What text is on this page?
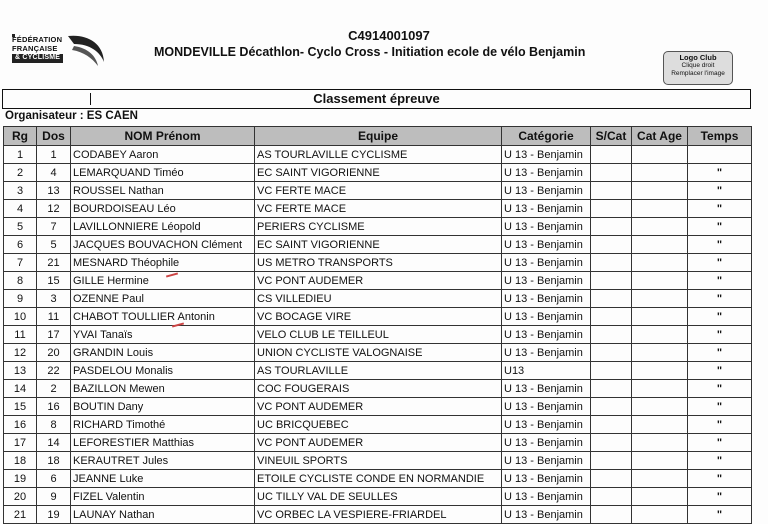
FÉDÉRATION
FRANÇAISE
& CYCLISME
C4914001097
MONDEVILLE Décathlon- Cyclo Cross - Initiation ecole de vélo Benjamin	Logo Club
Clique droit
Remplacer l'image
Classement épreuve
Organisateur : ES CAEN
Rg	Dos	NOM Prénom	Equipe	Catégorie	S/Cat	Cat Age	Temps
1	1	CODABEY Aaron	AS TOURLAVILLE CYCLISME	U 13 - Benjamin			
2	4	LEMARQUAND Timéo	EC SAINT VIGORIENNE	U 13 - Benjamin			"
3	13	ROUSSEL Nathan	VC FERTE MACE	U 13 - Benjamin			"
4	12	BOURDOISEAU Léo	VC FERTE MACE	U 13 - Benjamin			"
5	7	LAVILLONNIERE Léopold	PERIERS CYCLISME	U 13 - Benjamin			"
6	5	JACQUES BOUVACHON Clément	EC SAINT VIGORIENNE	U 13 - Benjamin			"
7	21	MESNARD Théophile	US METRO TRANSPORTS	U 13 - Benjamin			"
8	15	GILLE Hermine	VC PONT AUDEMER	U 13 - Benjamin			"
9	3	OZENNE Paul	CS VILLEDIEU	U 13 - Benjamin			"
10	11	CHABOT TOULLIER Antonin	VC BOCAGE VIRE	U 13 - Benjamin			"
11	17	YVAI Tanaïs	VELO CLUB LE TEILLEUL	U 13 - Benjamin			"
12	20	GRANDIN Louis	UNION CYCLISTE VALOGNAISE	U 13 - Benjamin			"
13	22	PASDELOU Monalis	AS TOURLAVILLE	U13			"
14	2	BAZILLON Mewen	COC FOUGERAIS	U 13 - Benjamin			"
15	16	BOUTIN Dany	VC PONT AUDEMER	U 13 - Benjamin			"
16	8	RICHARD Timothé	UC BRICQUEBEC	U 13 - Benjamin			"
17	14	LEFORESTIER Matthias	VC PONT AUDEMER	U 13 - Benjamin			"
18	18	KERAUTRET Jules	VINEUIL SPORTS	U 13 - Benjamin			"
19	6	JEANNE Luke	ETOILE CYCLISTE CONDE EN NORMANDIE	U 13 - Benjamin			"
20	9	FIZEL Valentin	UC TILLY VAL DE SEULLES	U 13 - Benjamin			"
21	19	LAUNAY Nathan	VC ORBEC LA VESPIERE-FRIARDEL	U 13 - Benjamin			"
